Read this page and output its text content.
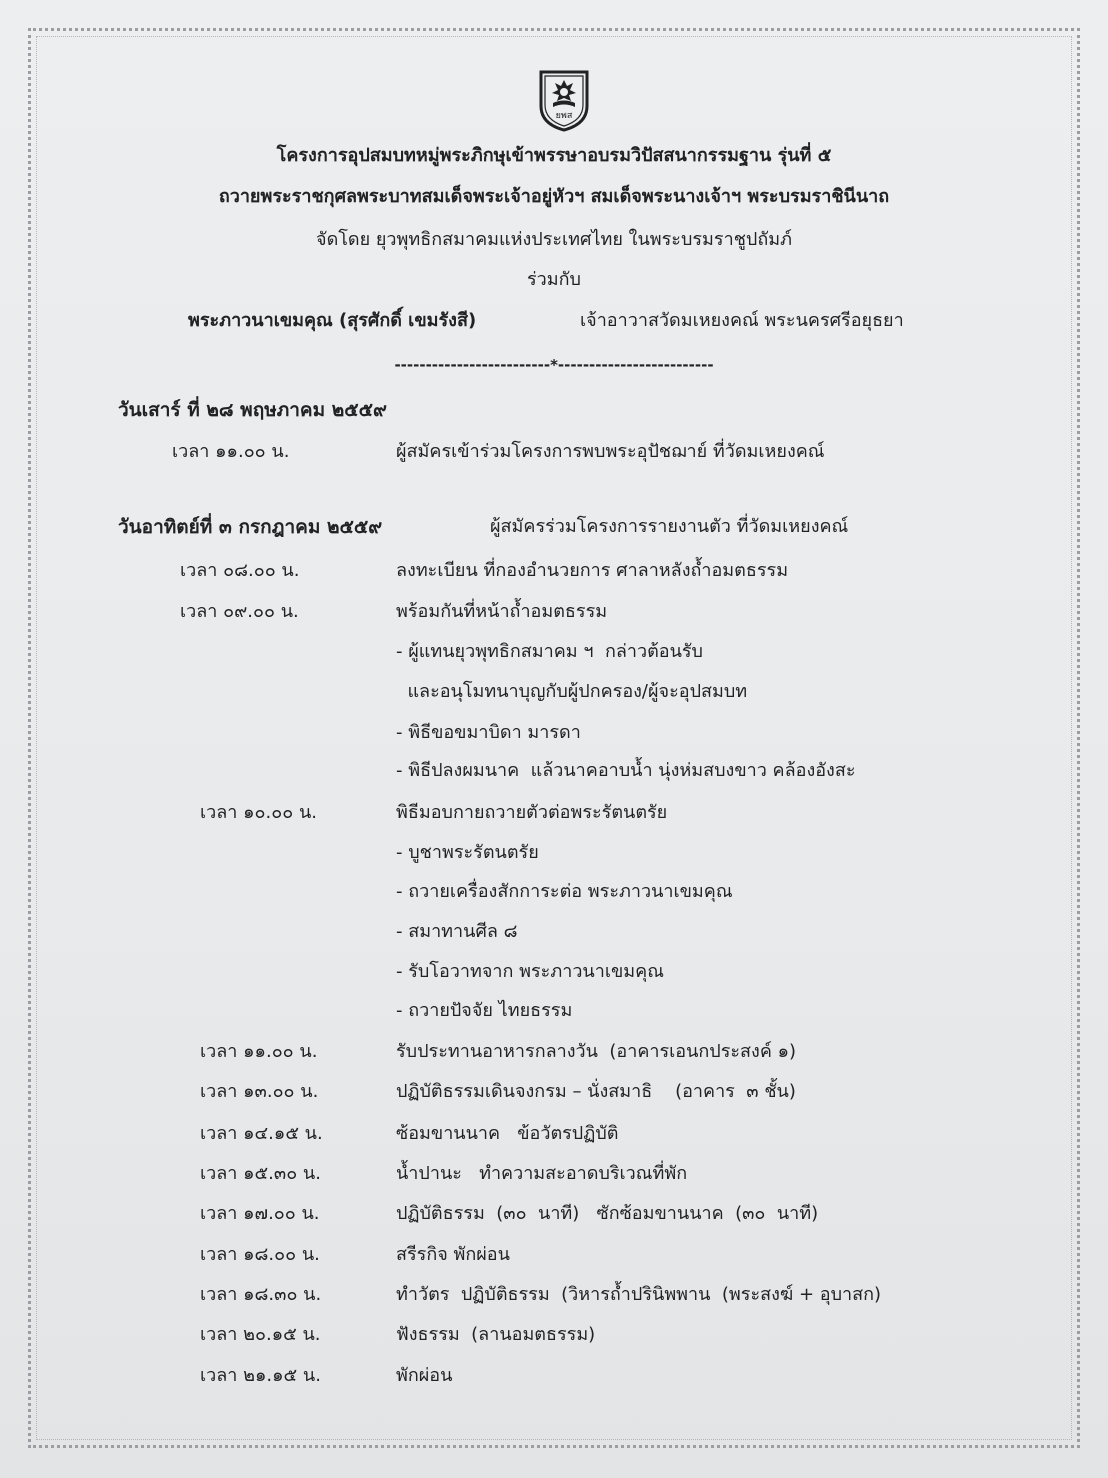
ยพส
โครงการอุปสมบทหมู่พระภิกษุเข้าพรรษาอบรมวิปัสสนากรรมฐาน รุ่นที่ ๕
ถวายพระราชกุศลพระบาทสมเด็จพระเจ้าอยู่หัวฯ สมเด็จพระนางเจ้าฯ พระบรมราชินีนาถ
จัดโดย ยุวพุทธิกสมาคมแห่งประเทศไทย ในพระบรมราชูปถัมภ์
ร่วมกับ
พระภาวนาเขมคุณ (สุรศักดิ์ เขมรังสี)	เจ้าอาวาสวัดมเหยงคณ์ พระนครศรีอยุธยา
-------------------------*-------------------------
วันเสาร์ ที่ ๒๘ พฤษภาคม ๒๕๕๙
เวลา ๑๑.๐๐ น.	ผู้สมัครเข้าร่วมโครงการพบพระอุปัชฌาย์ ที่วัดมเหยงคณ์
วันอาทิตย์ที่ ๓ กรกฎาคม ๒๕๕๙	ผู้สมัครร่วมโครงการรายงานตัว ที่วัดมเหยงคณ์
เวลา ๐๘.๐๐ น.	ลงทะเบียน ที่กองอำนวยการ ศาลาหลังถ้ำอมตธรรม
เวลา ๐๙.๐๐ น.	พร้อมกันที่หน้าถ้ำอมตธรรม
- ผู้แทนยุวพุทธิกสมาคม ฯ  กล่าวต้อนรับ
และอนุโมทนาบุญกับผู้ปกครอง/ผู้จะอุปสมบท
- พิธีขอขมาบิดา มารดา
- พิธีปลงผมนาค  แล้วนาคอาบน้ำ นุ่งห่มสบงขาว คล้องอังสะ
เวลา ๑๐.๐๐ น.	พิธีมอบกายถวายตัวต่อพระรัตนตรัย
- บูชาพระรัตนตรัย
- ถวายเครื่องสักการะต่อ พระภาวนาเขมคุณ
- สมาทานศีล ๘
- รับโอวาทจาก พระภาวนาเขมคุณ
- ถวายปัจจัย ไทยธรรม
เวลา ๑๑.๐๐ น.	รับประทานอาหารกลางวัน  (อาคารเอนกประสงค์ ๑)
เวลา ๑๓.๐๐ น.	ปฏิบัติธรรมเดินจงกรม – นั่งสมาธิ    (อาคาร  ๓ ชั้น)
เวลา ๑๔.๑๕ น.	ซ้อมขานนาค   ข้อวัตรปฏิบัติ
เวลา ๑๕.๓๐ น.	น้ำปานะ   ทำความสะอาดบริเวณที่พัก
เวลา ๑๗.๐๐ น.	ปฏิบัติธรรม  (๓๐  นาที)   ซักซ้อมขานนาค  (๓๐  นาที)
เวลา ๑๘.๐๐ น.	สรีรกิจ พักผ่อน
เวลา ๑๘.๓๐ น.	ทำวัตร  ปฏิบัติธรรม  (วิหารถ้ำปรินิพพาน  (พระสงฆ์ + อุบาสก)
เวลา ๒๐.๑๕ น.	ฟังธรรม  (ลานอมตธรรม)
เวลา ๒๑.๑๕ น.	พักผ่อน
